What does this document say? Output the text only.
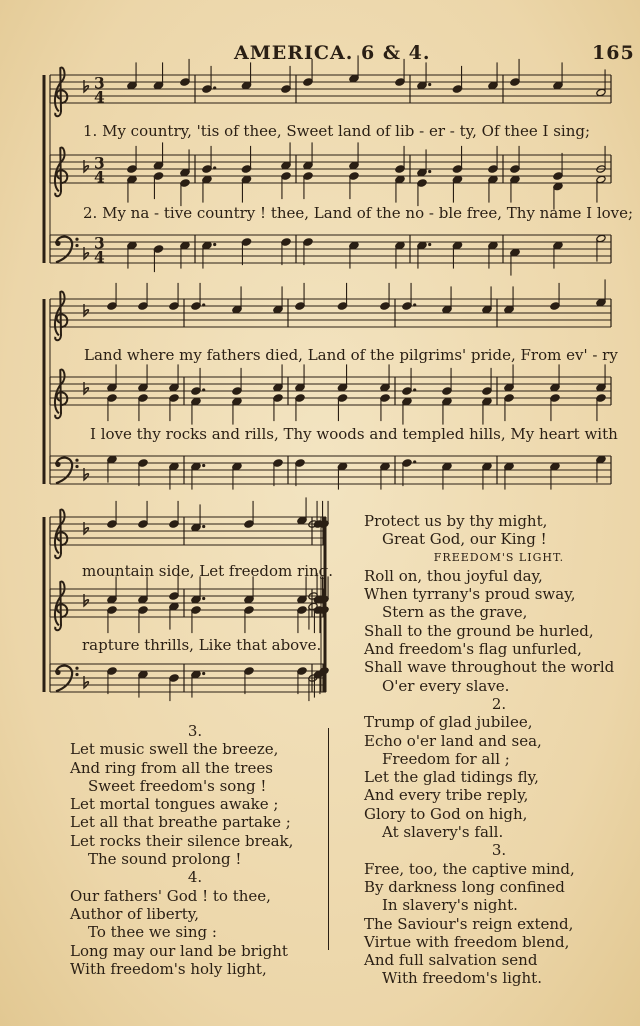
AMERICA. 6 & 4.	165
3
4
3
4
3
4
1. My country, 'tis of thee, Sweet land of lib - er - ty, Of thee I sing;
2. My na - tive country ! thee, Land of the no - ble free, Thy name I love;
Land where my fathers died, Land of the pilgrims' pride, From ev' - ry
I love thy rocks and rills, Thy woods and templed hills, My heart with
mountain side, Let freedom ring.
rapture thrills, Like that above.
Protect us by thy might,
Great God, our King !
FREEDOM'S LIGHT.
Roll on, thou joyful day,
When tyrrany's proud sway,
Stern as the grave,
Shall to the ground be hurled,
And freedom's flag unfurled,
Shall wave throughout the world
O'er every slave.
2.
Trump of glad jubilee,
Echo o'er land and sea,
Freedom for all ;
Let the glad tidings fly,
And every tribe reply,
Glory to God on high,
At slavery's fall.
3.
Free, too, the captive mind,
By darkness long confined
In slavery's night.
The Saviour's reign extend,
Virtue with freedom blend,
And full salvation send
With freedom's light.
3.
Let music swell the breeze,
And ring from all the trees
Sweet freedom's song !
Let mortal tongues awake ;
Let all that breathe partake ;
Let rocks their silence break,
The sound prolong !
4.
Our fathers' God ! to thee,
Author of liberty,
To thee we sing :
Long may our land be bright
With freedom's holy light,
